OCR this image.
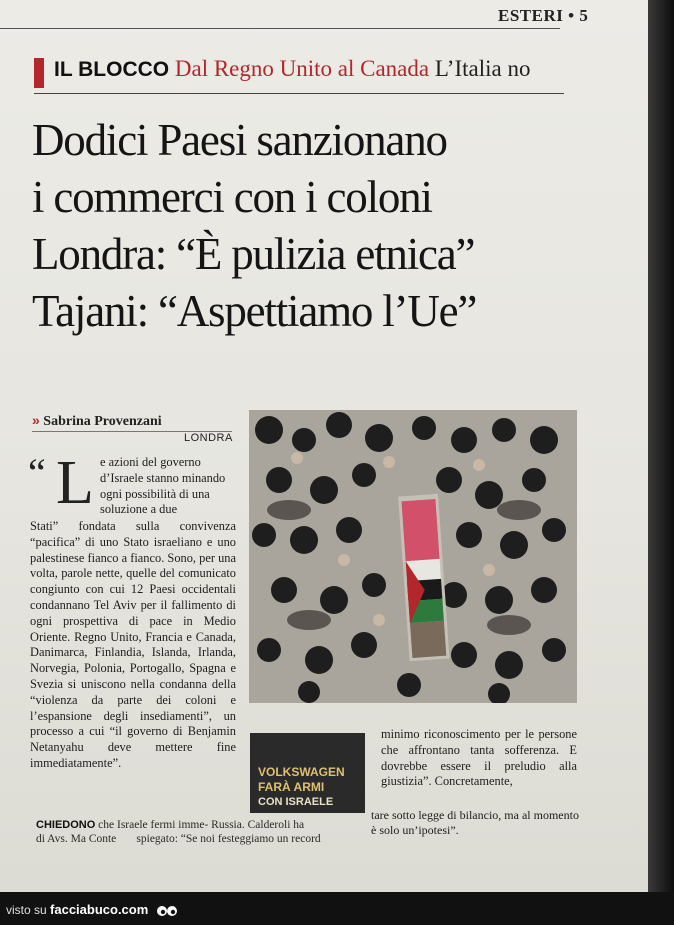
ESTERI • 5
IL BLOCCO Dal Regno Unito al Canada L’Italia no
Dodici Paesi sanzionano
i commerci con i coloni
Londra: “È pulizia etnica”
Tajani: “Aspettiamo l’Ue”
» Sabrina Provenzani
LONDRA
“ L e azioni del governo d’Israele stanno minando ogni possibilità di una soluzione a due
Stati” fondata sulla convivenza “pacifica” di uno Stato israeliano e uno palestinese fianco a fianco. Sono, per una volta, parole nette, quelle del comunicato congiunto con cui 12 Paesi occidentali condannano Tel Aviv per il fallimento di ogni prospettiva di pace in Medio Oriente. Regno Unito, Francia e Canada, Danimarca, Finlandia, Islanda, Irlanda, Norvegia, Polonia, Portogallo, Spagna e Svezia si uniscono nella condanna della “violenza da parte dei coloni e l’espansione degli insediamenti”, un processo a cui “il governo di Benjamin Netanyahu deve mettere fine immediatamente”.
VOLKSWAGEN FARÀ ARMI
CON ISRAELE
minimo riconoscimento per le persone che affrontano tanta sofferenza. E dovrebbe essere il preludio alla giustizia”. Concretamente,
tare sotto legge di bilancio, ma al momento è solo un’ipotesi”.
CHIEDONO che Israele fermi imme- Russia. Calderoli ha
di Avs. Ma Conte       spiegato: “Se noi festeggiamo un record
visto su facciabuco.com
